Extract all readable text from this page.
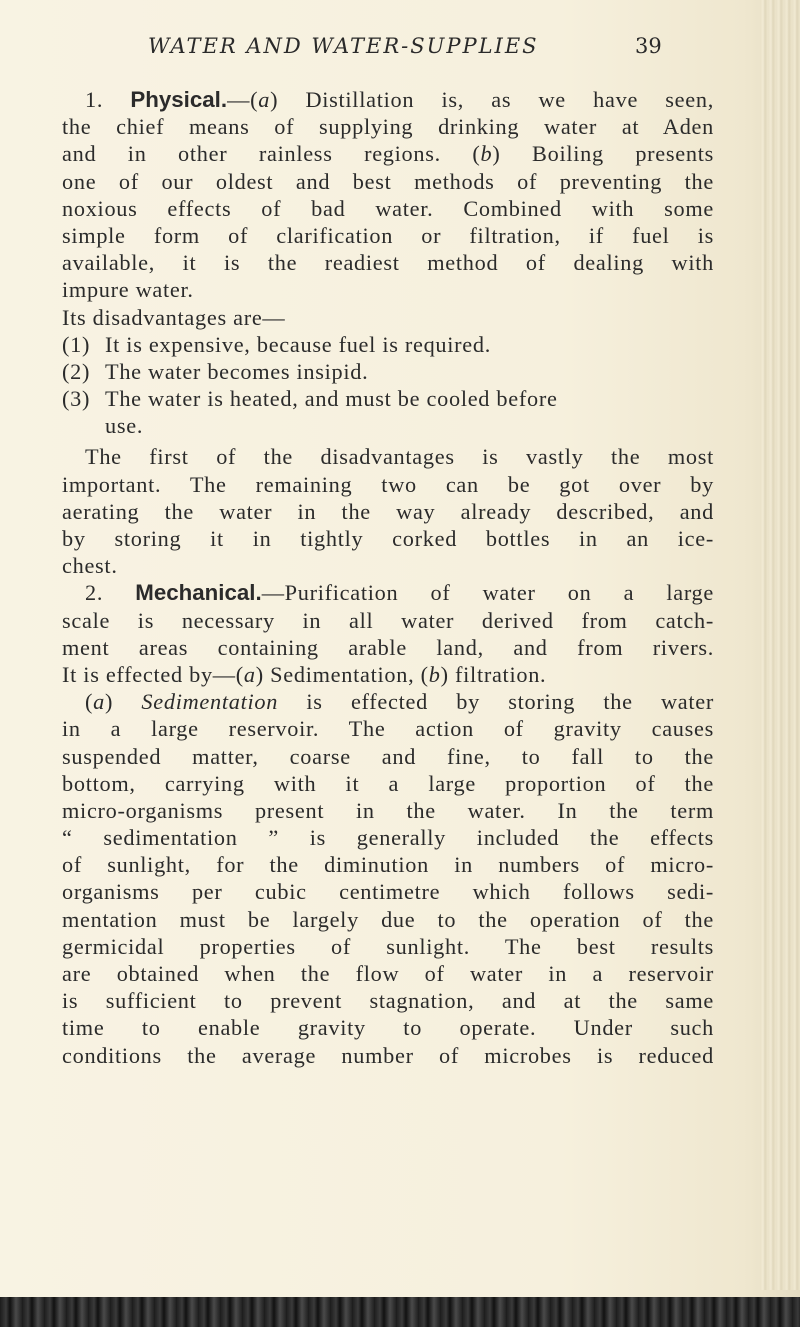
WATER AND WATER-SUPPLIES	39
1. Physical.—(a) Distillation is, as we have seen,
the chief means of supplying drinking water at Aden
and in other rainless regions. (b) Boiling presents
one of our oldest and best methods of preventing the
noxious effects of bad water. Combined with some
simple form of clarification or filtration, if fuel is
available, it is the readiest method of dealing with
impure water.
Its disadvantages are—
(1) It is expensive, because fuel is required.
(2) The water becomes insipid.
(3) The water is heated, and must be cooled before
use.
The first of the disadvantages is vastly the most
important. The remaining two can be got over by
aerating the water in the way already described, and
by storing it in tightly corked bottles in an ice-
chest.
2. Mechanical.—Purification of water on a large
scale is necessary in all water derived from catch-
ment areas containing arable land, and from rivers.
It is effected by—(a) Sedimentation, (b) filtration.
(a) Sedimentation is effected by storing the water
in a large reservoir. The action of gravity causes
suspended matter, coarse and fine, to fall to the
bottom, carrying with it a large proportion of the
micro-organisms present in the water. In the term
“ sedimentation ” is generally included the effects
of sunlight, for the diminution in numbers of micro-
organisms per cubic centimetre which follows sedi-
mentation must be largely due to the operation of the
germicidal properties of sunlight. The best results
are obtained when the flow of water in a reservoir
is sufficient to prevent stagnation, and at the same
time to enable gravity to operate. Under such
conditions the average number of microbes is reduced
